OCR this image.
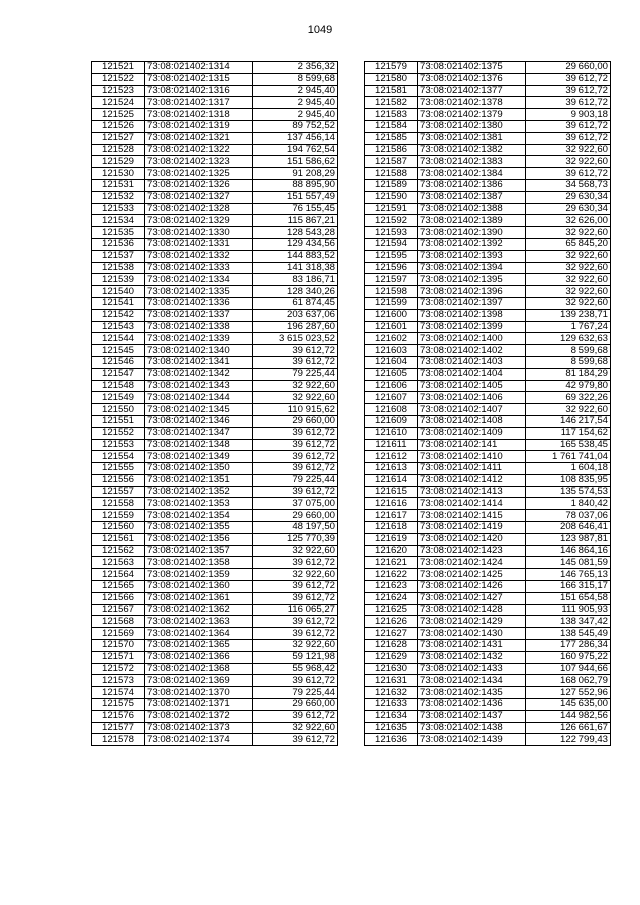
1049
121521	73:08:021402:1314	2 356,32
121522	73:08:021402:1315	8 599,68
121523	73:08:021402:1316	2 945,40
121524	73:08:021402:1317	2 945,40
121525	73:08:021402:1318	2 945,40
121526	73:08:021402:1319	89 752,52
121527	73:08:021402:1321	137 456,14
121528	73:08:021402:1322	194 762,54
121529	73:08:021402:1323	151 586,62
121530	73:08:021402:1325	91 208,29
121531	73:08:021402:1326	88 895,90
121532	73:08:021402:1327	151 557,49
121533	73:08:021402:1328	76 155,45
121534	73:08:021402:1329	115 867,21
121535	73:08:021402:1330	128 543,28
121536	73:08:021402:1331	129 434,56
121537	73:08:021402:1332	144 883,52
121538	73:08:021402:1333	141 318,38
121539	73:08:021402:1334	83 186,71
121540	73:08:021402:1335	128 340,26
121541	73:08:021402:1336	61 874,45
121542	73:08:021402:1337	203 637,06
121543	73:08:021402:1338	196 287,60
121544	73:08:021402:1339	3 615 023,52
121545	73:08:021402:1340	39 612,72
121546	73:08:021402:1341	39 612,72
121547	73:08:021402:1342	79 225,44
121548	73:08:021402:1343	32 922,60
121549	73:08:021402:1344	32 922,60
121550	73:08:021402:1345	110 915,62
121551	73:08:021402:1346	29 660,00
121552	73:08:021402:1347	39 612,72
121553	73:08:021402:1348	39 612,72
121554	73:08:021402:1349	39 612,72
121555	73:08:021402:1350	39 612,72
121556	73:08:021402:1351	79 225,44
121557	73:08:021402:1352	39 612,72
121558	73:08:021402:1353	37 075,00
121559	73:08:021402:1354	29 660,00
121560	73:08:021402:1355	48 197,50
121561	73:08:021402:1356	125 770,39
121562	73:08:021402:1357	32 922,60
121563	73:08:021402:1358	39 612,72
121564	73:08:021402:1359	32 922,60
121565	73:08:021402:1360	39 612,72
121566	73:08:021402:1361	39 612,72
121567	73:08:021402:1362	116 065,27
121568	73:08:021402:1363	39 612,72
121569	73:08:021402:1364	39 612,72
121570	73:08:021402:1365	32 922,60
121571	73:08:021402:1366	59 121,98
121572	73:08:021402:1368	55 968,42
121573	73:08:021402:1369	39 612,72
121574	73:08:021402:1370	79 225,44
121575	73:08:021402:1371	29 660,00
121576	73:08:021402:1372	39 612,72
121577	73:08:021402:1373	32 922,60
121578	73:08:021402:1374	39 612,72
121579	73:08:021402:1375	29 660,00
121580	73:08:021402:1376	39 612,72
121581	73:08:021402:1377	39 612,72
121582	73:08:021402:1378	39 612,72
121583	73:08:021402:1379	9 903,18
121584	73:08:021402:1380	39 612,72
121585	73:08:021402:1381	39 612,72
121586	73:08:021402:1382	32 922,60
121587	73:08:021402:1383	32 922,60
121588	73:08:021402:1384	39 612,72
121589	73:08:021402:1386	34 568,73
121590	73:08:021402:1387	29 630,34
121591	73:08:021402:1388	29 630,34
121592	73:08:021402:1389	32 626,00
121593	73:08:021402:1390	32 922,60
121594	73:08:021402:1392	65 845,20
121595	73:08:021402:1393	32 922,60
121596	73:08:021402:1394	32 922,60
121597	73:08:021402:1395	32 922,60
121598	73:08:021402:1396	32 922,60
121599	73:08:021402:1397	32 922,60
121600	73:08:021402:1398	139 238,71
121601	73:08:021402:1399	1 767,24
121602	73:08:021402:1400	129 632,63
121603	73:08:021402:1402	8 599,68
121604	73:08:021402:1403	8 599,68
121605	73:08:021402:1404	81 184,29
121606	73:08:021402:1405	42 979,80
121607	73:08:021402:1406	69 322,26
121608	73:08:021402:1407	32 922,60
121609	73:08:021402:1408	146 217,54
121610	73:08:021402:1409	117 154,62
121611	73:08:021402:141	165 538,45
121612	73:08:021402:1410	1 761 741,04
121613	73:08:021402:1411	1 604,18
121614	73:08:021402:1412	108 835,95
121615	73:08:021402:1413	135 574,53
121616	73:08:021402:1414	1 840,42
121617	73:08:021402:1415	78 037,06
121618	73:08:021402:1419	208 646,41
121619	73:08:021402:1420	123 987,81
121620	73:08:021402:1423	146 864,16
121621	73:08:021402:1424	145 081,59
121622	73:08:021402:1425	146 765,13
121623	73:08:021402:1426	166 315,17
121624	73:08:021402:1427	151 654,58
121625	73:08:021402:1428	111 905,93
121626	73:08:021402:1429	138 347,42
121627	73:08:021402:1430	138 545,49
121628	73:08:021402:1431	177 286,34
121629	73:08:021402:1432	160 975,22
121630	73:08:021402:1433	107 944,66
121631	73:08:021402:1434	168 062,79
121632	73:08:021402:1435	127 552,96
121633	73:08:021402:1436	145 635,00
121634	73:08:021402:1437	144 982,56
121635	73:08:021402:1438	126 661,67
121636	73:08:021402:1439	122 799,43
